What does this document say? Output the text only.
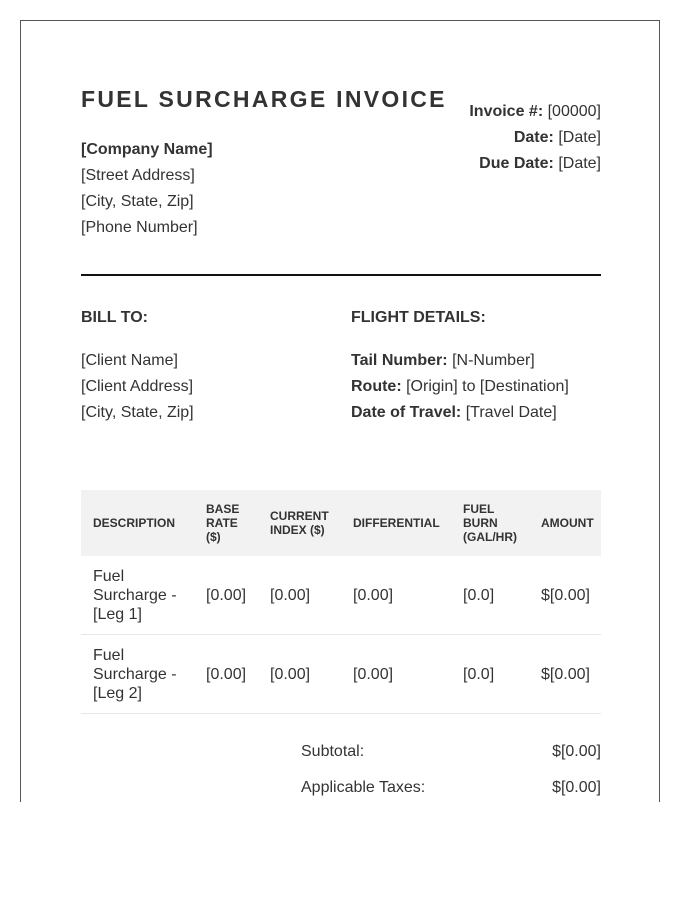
FUEL SURCHARGE INVOICE
[Company Name]
[Street Address]
[City, State, Zip]
[Phone Number]
Invoice #: [00000]
Date: [Date]
Due Date: [Date]
BILL TO:
[Client Name]
[Client Address]
[City, State, Zip]
FLIGHT DETAILS:
Tail Number: [N-Number]
Route: [Origin] to [Destination]
Date of Travel: [Travel Date]
DESCRIPTION	BASE RATE ($)	CURRENT INDEX ($)	DIFFERENTIAL	FUEL BURN (GAL/HR)	AMOUNT
Fuel Surcharge - [Leg 1]	[0.00]	[0.00]	[0.00]	[0.0]	$[0.00]
Fuel Surcharge - [Leg 2]	[0.00]	[0.00]	[0.00]	[0.0]	$[0.00]
Subtotal:	$[0.00]
Applicable Taxes:	$[0.00]
